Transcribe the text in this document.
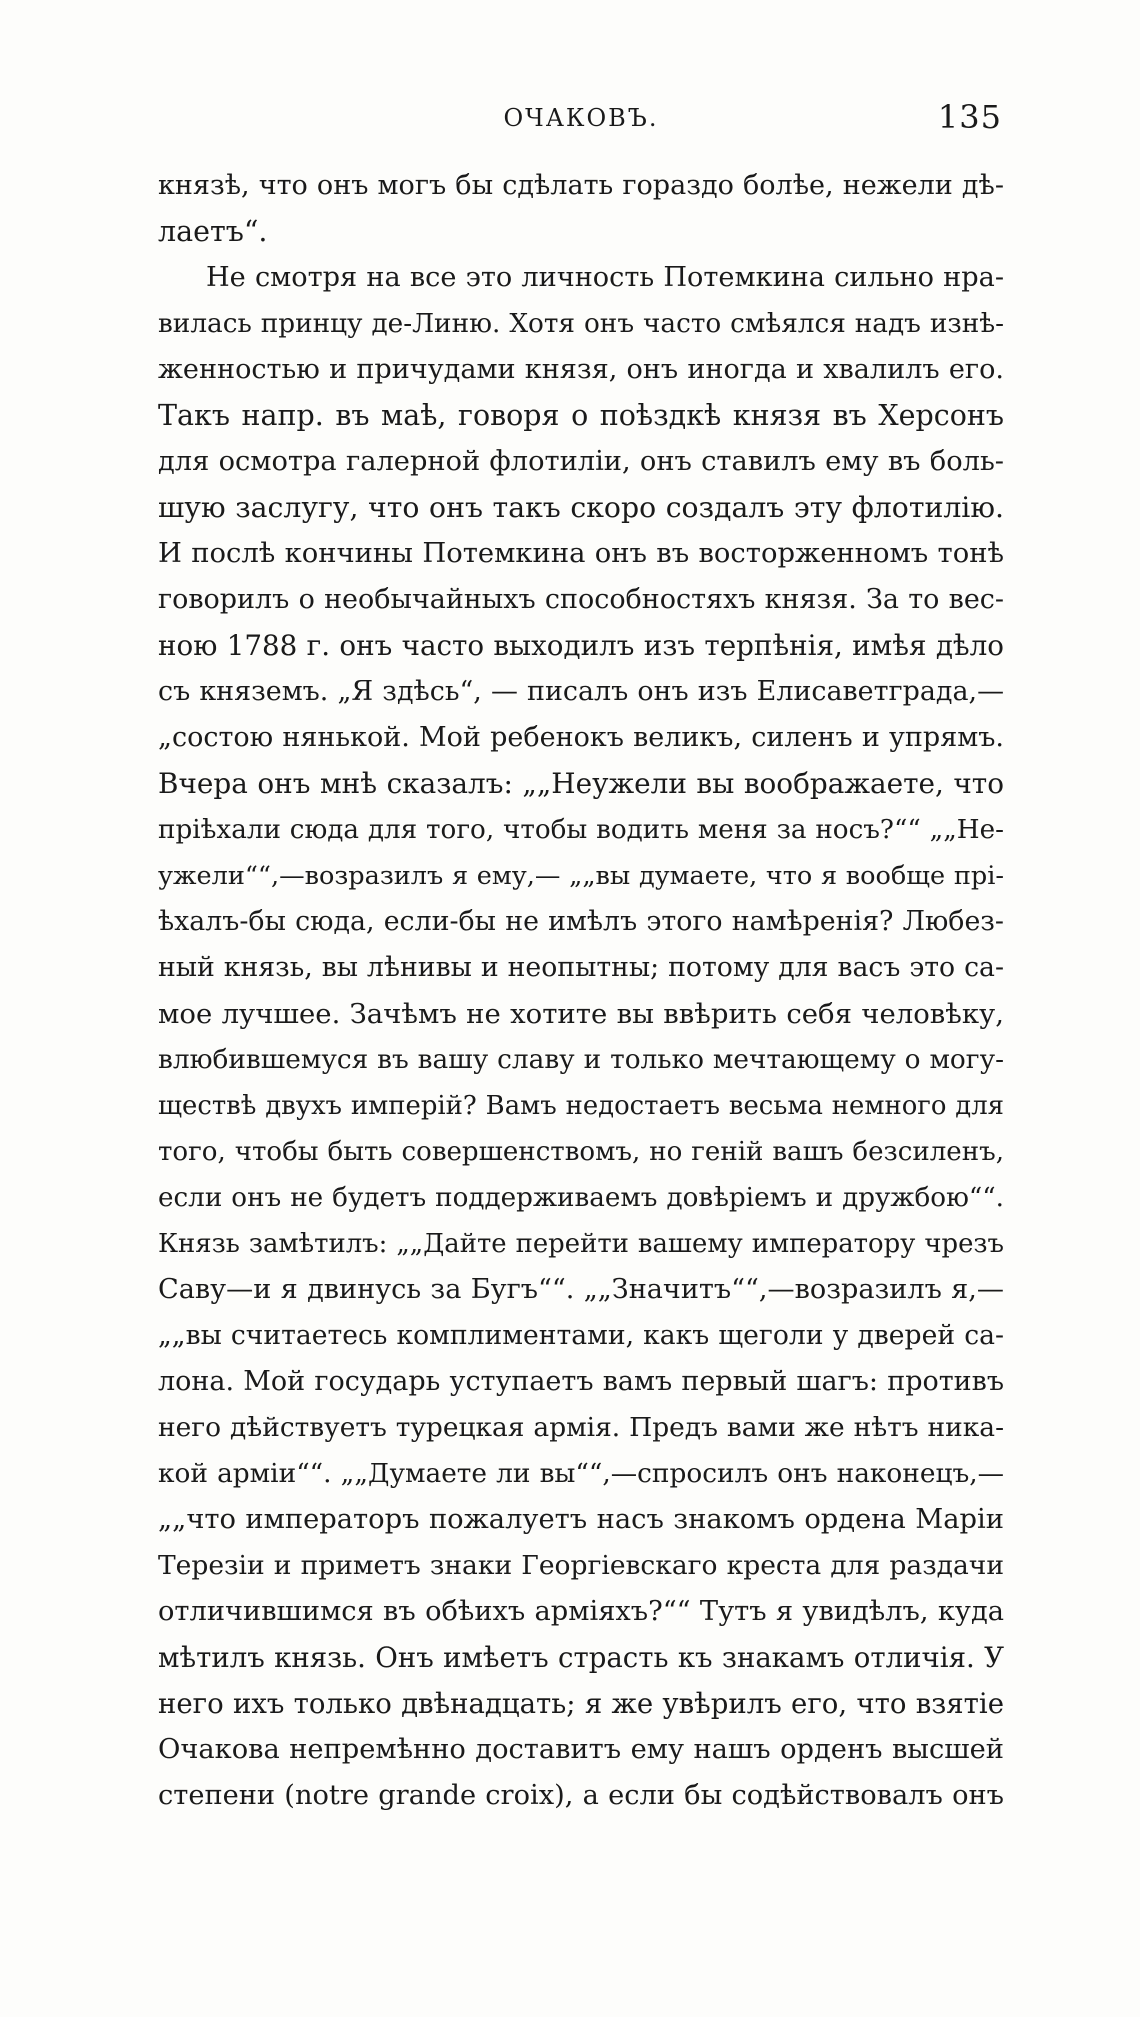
ОЧАКОВЪ.	135
князѣ, что онъ могъ бы сдѣлать гораздо болѣе, нежели дѣ-
лаетъ“.
Не смотря на все это личность Потемкина сильно нра-
вилась принцу де-Линю. Хотя онъ часто смѣялся надъ изнѣ-
женностью и причудами князя, онъ иногда и хвалилъ его.
Такъ напр. въ маѣ, говоря о поѣздкѣ князя въ Херсонъ
для осмотра галерной флотиліи, онъ ставилъ ему въ боль-
шую заслугу, что онъ такъ скоро создалъ эту флотилію.
И послѣ кончины Потемкина онъ въ восторженномъ тонѣ
говорилъ о необычайныхъ способностяхъ князя. За то вес-
ною 1788 г. онъ часто выходилъ изъ терпѣнія, имѣя дѣло
съ княземъ. „Я здѣсь“, — писалъ онъ изъ Елисаветграда,—
„состою нянькой. Мой ребенокъ великъ, силенъ и упрямъ.
Вчера онъ мнѣ сказалъ: „„Неужели вы воображаете, что
пріѣхали сюда для того, чтобы водить меня за носъ?““ „„Не-
ужели““,—возразилъ я ему,— „„вы думаете, что я вообще прі-
ѣхалъ-бы сюда, если-бы не имѣлъ этого намѣренія? Любез-
ный князь, вы лѣнивы и неопытны; потому для васъ это са-
мое лучшее. Зачѣмъ не хотите вы ввѣрить себя человѣку,
влюбившемуся въ вашу славу и только мечтающему о могу-
ществѣ двухъ имперій? Вамъ недостаетъ весьма немного для
того, чтобы быть совершенствомъ, но геній вашъ безсиленъ,
если онъ не будетъ поддерживаемъ довѣріемъ и дружбою““.
Князь замѣтилъ: „„Дайте перейти вашему императору чрезъ
Саву—и я двинусь за Бугъ““. „„Значитъ““,—возразилъ я,—
„„вы считаетесь комплиментами, какъ щеголи у дверей са-
лона. Мой государь уступаетъ вамъ первый шагъ: противъ
него дѣйствуетъ турецкая армія. Предъ вами же нѣтъ ника-
кой арміи““. „„Думаете ли вы““,—спросилъ онъ наконецъ,—
„„что императоръ пожалуетъ насъ знакомъ ордена Маріи
Терезіи и приметъ знаки Георгіевскаго креста для раздачи
отличившимся въ обѣихъ арміяхъ?““ Тутъ я увидѣлъ, куда
мѣтилъ князь. Онъ имѣетъ страсть къ знакамъ отличія. У
него ихъ только двѣнадцать; я же увѣрилъ его, что взятіе
Очакова непремѣнно доставитъ ему нашъ орденъ высшей
степени (notre grande croix), а если бы содѣйствовалъ онъ
